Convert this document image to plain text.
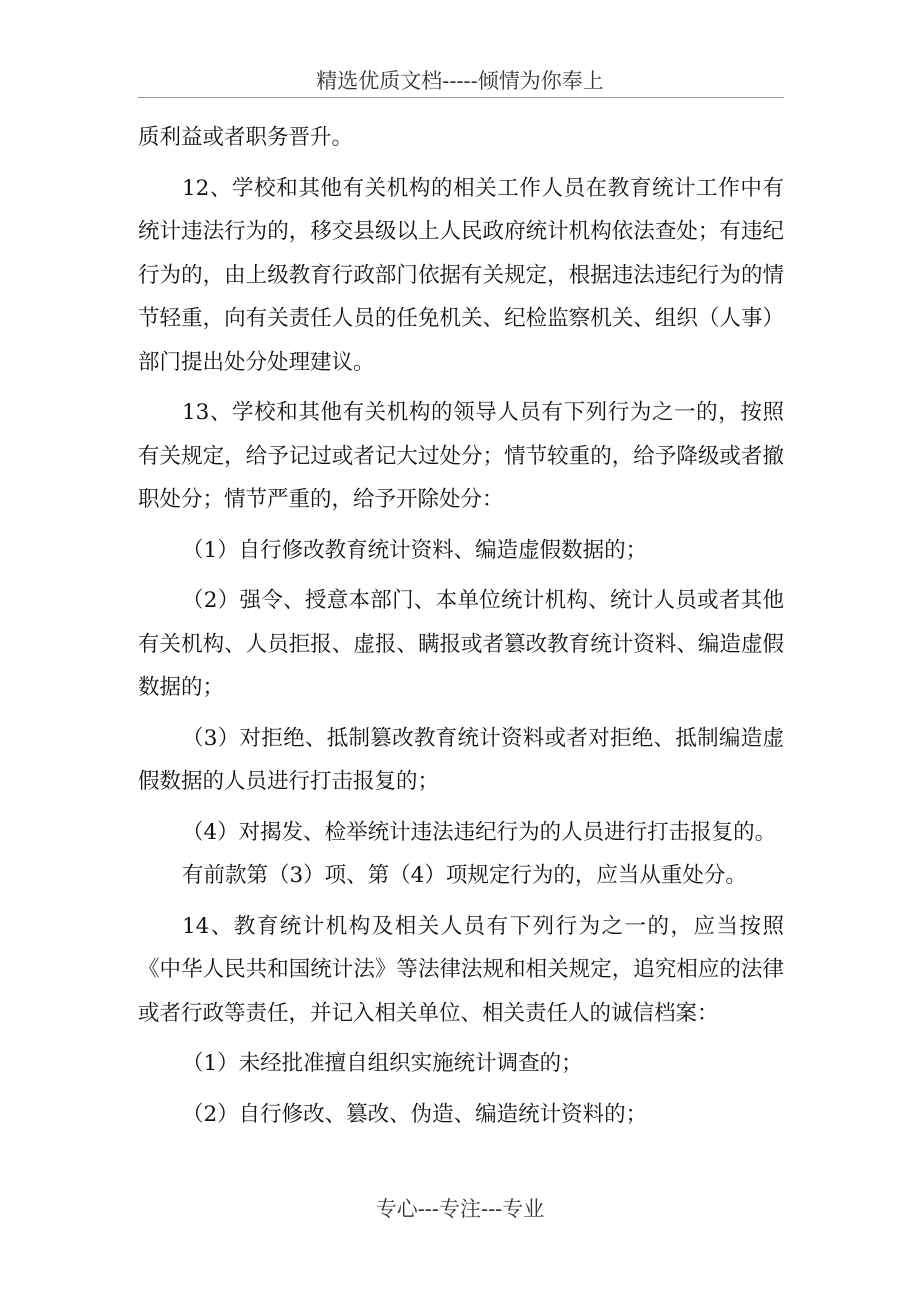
精选优质文档-----倾情为你奉上

质利益或者职务晋升。

12、学校和其他有关机构的相关工作人员在教育统计工作中有统计违法行为的，移交县级以上人民政府统计机构依法查处；有违纪行为的，由上级教育行政部门依据有关规定，根据违法违纪行为的情节轻重，向有关责任人员的任免机关、纪检监察机关、组织（人事）部门提出处分处理建议。

13、学校和其他有关机构的领导人员有下列行为之一的，按照有关规定，给予记过或者记大过处分；情节较重的，给予降级或者撤职处分；情节严重的，给予开除处分：

（1）自行修改教育统计资料、编造虚假数据的；

（2）强令、授意本部门、本单位统计机构、统计人员或者其他有关机构、人员拒报、虚报、瞒报或者篡改教育统计资料、编造虚假数据的；

（3）对拒绝、抵制篡改教育统计资料或者对拒绝、抵制编造虚假数据的人员进行打击报复的；

（4）对揭发、检举统计违法违纪行为的人员进行打击报复的。

有前款第（3）项、第（4）项规定行为的，应当从重处分。

14、教育统计机构及相关人员有下列行为之一的，应当按照《中华人民共和国统计法》等法律法规和相关规定，追究相应的法律或者行政等责任，并记入相关单位、相关责任人的诚信档案：

（1）未经批准擅自组织实施统计调查的；

（2）自行修改、篡改、伪造、编造统计资料的；

专心---专注---专业
